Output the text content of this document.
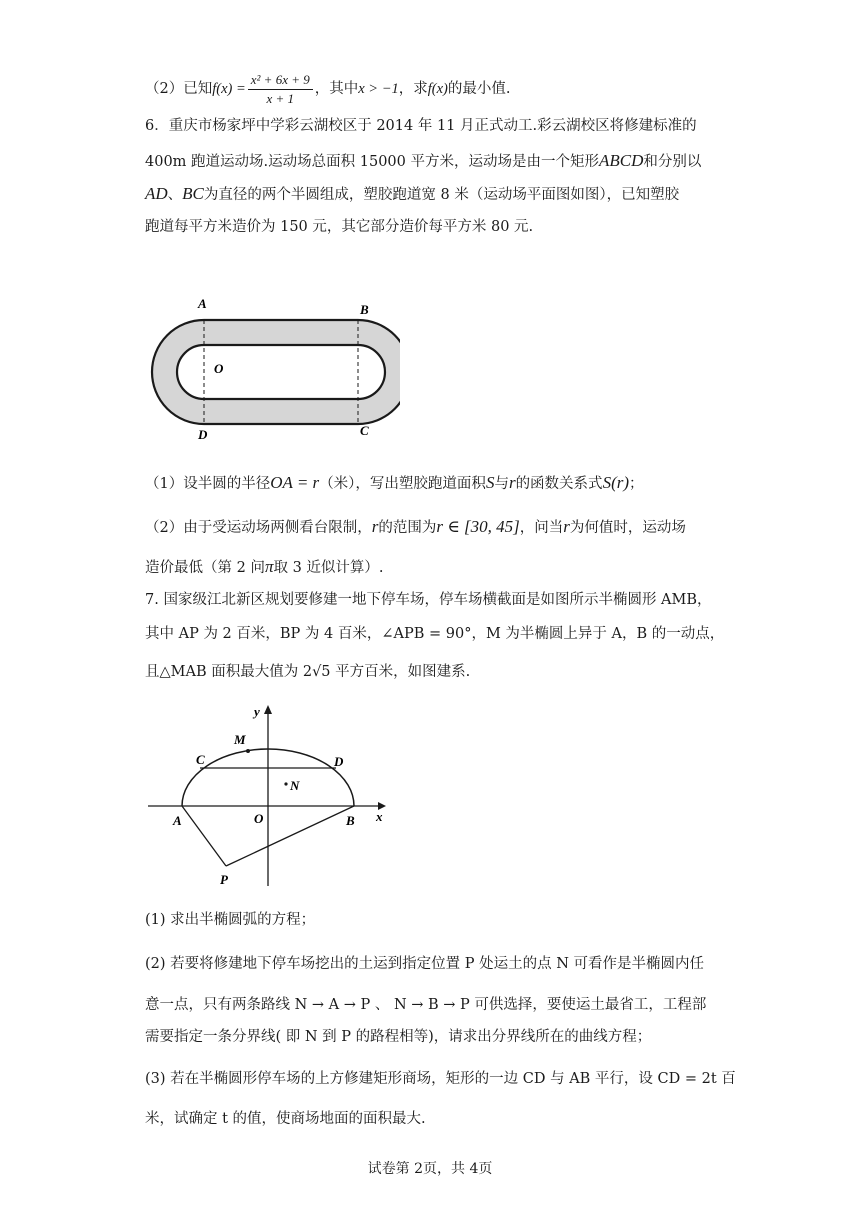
（2）已知$f(x) = \frac{\text{x² + 6x + 9}}{x + 1}$ ，其中x > −1，求f(x)的最小值.
6．重庆市杨家坪中学彩云湖校区于 2014 年 11 月正式动工.彩云湖校区将修建标准的
400m 跑道运动场.运动场总面积 15000 平方米，运动场是由一个矩形ABCD和分别以
AD、BC为直径的两个半圆组成，塑胶跑道宽 8 米（运动场平面图如图），已知塑胶
跑道每平方米造价为 150 元，其它部分造价每平方米 80 元.
A	B
O
D	C
（1）设半圆的半径OA = r（米），写出塑胶跑道面积S与r的函数关系式S(r)；
（2）由于受运动场两侧看台限制，r的范围为r ∈ [30, 45]，问当r为何值时，运动场
造价最低（第 2 问π取 3 近似计算）.
7. 国家级江北新区规划要修建一地下停车场，停车场横截面是如图所示半椭圆形 AMB，
其中 AP 为 2 百米，BP 为 4 百米，∠APB = 90°，M 为半椭圆上异于 A，B 的一动点，
且△MAB 面积最大值为 2√5 平方百米，如图建系.
y
x
M
C	D
N
A	O	B
P
(1) 求出半椭圆弧的方程；
(2) 若要将修建地下停车场挖出的土运到指定位置 P 处运土的点 N 可看作是半椭圆内任
意一点，只有两条路线 N → A → P 、 N → B → P 可供选择，要使运土最省工，工程部
需要指定一条分界线( 即 N 到 P 的路程相等)，请求出分界线所在的曲线方程；
(3) 若在半椭圆形停车场的上方修建矩形商场，矩形的一边 CD 与 AB 平行，设 CD = 2t 百
米，试确定 t 的值，使商场地面的面积最大.
试卷第 2页，共 4页
